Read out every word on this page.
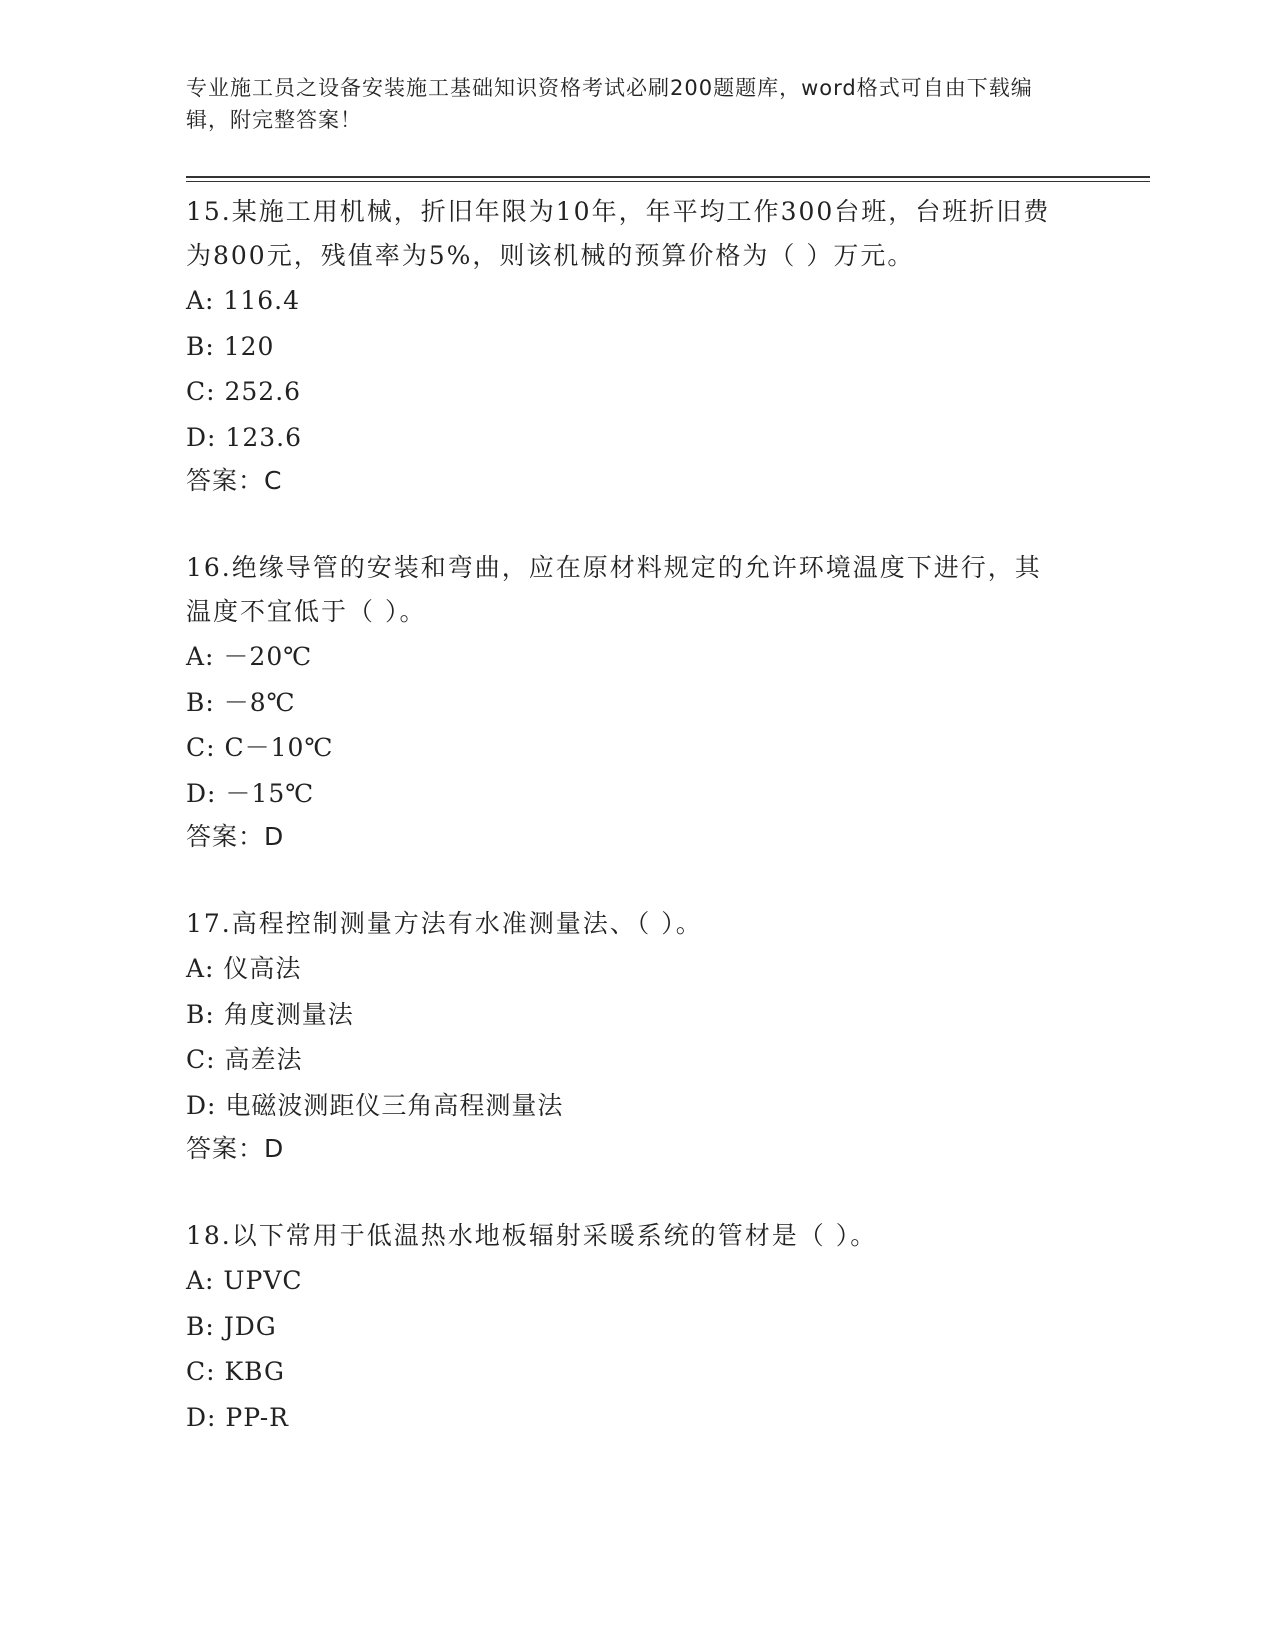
专业施工员之设备安装施工基础知识资格考试必刷200题题库，word格式可自由下载编辑，附完整答案！

15.某施工用机械，折旧年限为10年，年平均工作300台班，台班折旧费为800元，残值率为5%，则该机械的预算价格为（ ）万元。

A: 116.4

B: 120

C: 252.6

D: 123.6

答案：C

16.绝缘导管的安装和弯曲，应在原材料规定的允许环境温度下进行，其温度不宜低于（ ）。

A: －20℃

B: －8℃

C: C－10℃

D: －15℃

答案：D

17.高程控制测量方法有水准测量法、（ ）。

A: 仪高法

B: 角度测量法

C: 高差法

D: 电磁波测距仪三角高程测量法

答案：D

18.以下常用于低温热水地板辐射采暖系统的管材是（ ）。

A: UPVC

B: JDG

C: KBG

D: PP-R
